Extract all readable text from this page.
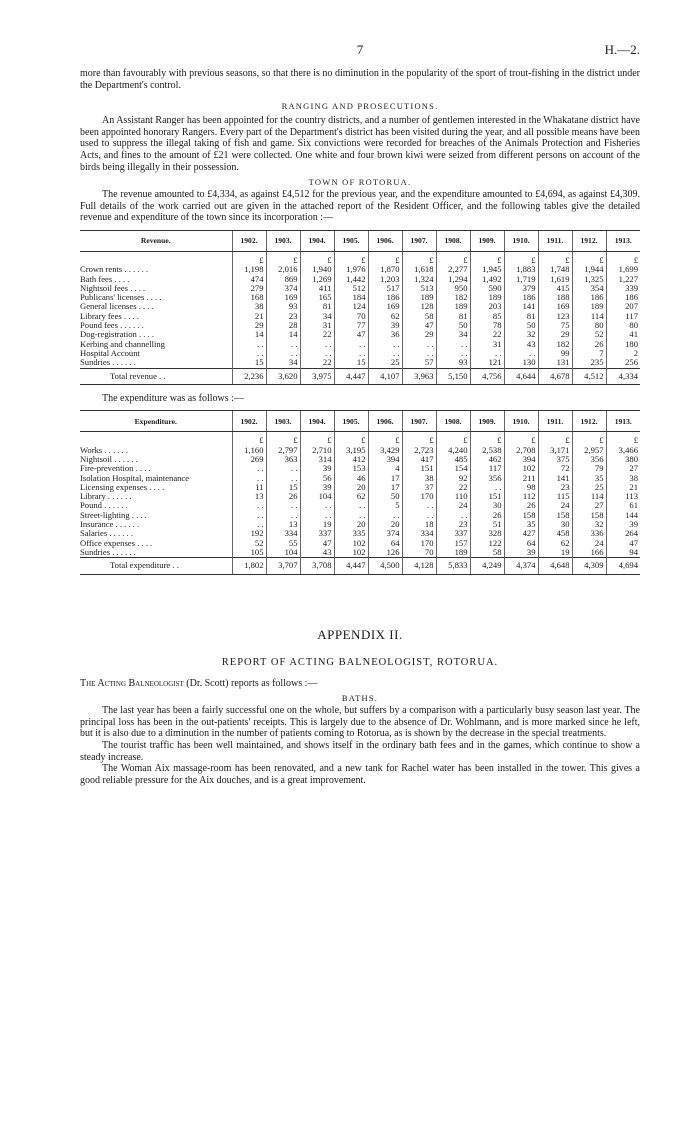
7	H.—2.

more than favourably with previous seasons, so that there is no diminution in the popularity of the sport of trout-fishing in the district under the Department's control.

RANGING AND PROSECUTIONS.

An Assistant Ranger has been appointed for the country districts, and a number of gentlemen interested in the Whakatane district have been appointed honorary Rangers. Every part of the Department's district has been visited during the year, and all possible means have been used to suppress the illegal taking of fish and game. Six convictions were recorded for breaches of the Animals Protection and Fisheries Acts, and fines to the amount of £21 were collected. One white and four brown kiwi were seized from different persons on account of the birds being illegally in their possession.

TOWN OF ROTORUA.

The revenue amounted to £4,334, as against £4,512 for the previous year, and the expenditure amounted to £4,694, as against £4,309. Full details of the work carried out are given in the attached report of the Resident Officer, and the following tables give the detailed revenue and expenditure of the town since its incorporation :—

Revenue.	1902.	1903.	1904.	1905.	1906.	1907.	1908.	1909.	1910.	1911.	1912.	1913.
	£	£	£	£	£	£	£	£	£	£	£	£
Crown rents . . . . . .	1,198	2,016	1,940	1,976	1,870	1,618	2,277	1,945	1,883	1,748	1,944	1,699
Bath fees . . . .	474	869	1,269	1,442	1,203	1,324	1,294	1,492	1,719	1,619	1,325	1,227
Nightsoil fees . . . .	279	374	411	512	517	513	950	590	379	415	354	339
Publicans' licenses . . . .	168	169	165	184	186	189	182	189	186	188	186	186
General licenses . . . .	38	93	81	124	169	128	189	203	141	169	189	207
Library fees . . . .	21	23	34	70	62	58	81	85	81	123	114	117
Pound fees . . . . . .	29	28	31	77	39	47	50	78	50	75	80	80
Dog-registration . . . .	14	14	22	47	36	29	34	22	32	29	52	41
Kerbing and channelling	. .	. .	. .	. .	. .	. .	. .	31	43	182	26	180
Hospital Account	. .	. .	. .	. .	. .	. .	. .	. .	. .	99	7	2
Sundries . . . . . .	15	34	22	15	25	57	93	121	130	131	235	256
Total revenue . .	2,236	3,620	3,975	4,447	4,107	3,963	5,150	4,756	4,644	4,678	4,512	4,334

The expenditure was as follows :—

Expenditure.	1902.	1903.	1904.	1905.	1906.	1907.	1908.	1909.	1910.	1911.	1912.	1913.
	£	£	£	£	£	£	£	£	£	£	£	£
Works . . . . . .	1,160	2,797	2,710	3,195	3,429	2,723	4,240	2,538	2,708	3,171	2,957	3,466
Nightsoil . . . . . .	269	363	314	412	394	417	485	462	394	375	356	380
Fire-prevention . . . .	. .	. .	39	153	4	151	154	117	102	72	79	27
Isolation Hospital, maintenance	. .	. .	56	46	17	38	92	356	211	141	35	38
Licensing expenses . . . .	11	15	39	20	17	37	22	. .	98	23	25	21
Library . . . . . .	13	26	104	62	50	170	110	151	112	115	114	113
Pound . . . . . .	. .	. .	. .	. .	5	. .	24	30	26	24	27	61
Street-lighting . . . .	. .	. .	. .	. .	. .	. .	. .	26	158	158	158	144
Insurance . . . . . .	. .	13	19	20	20	18	23	51	35	30	32	39
Salaries . . . . . .	192	334	337	335	374	334	337	328	427	458	336	264
Office expenses . . . .	52	55	47	102	64	170	157	122	64	62	24	47
Sundries . . . . . .	105	104	43	102	126	70	189	58	39	19	166	94
Total expenditure . .	1,802	3,707	3,708	4,447	4,500	4,128	5,833	4,249	4,374	4,648	4,309	4,694
APPENDIX II.
REPORT OF ACTING BALNEOLOGIST, ROTORUA.

The Acting Balneologist (Dr. Scott) reports as follows :—

BATHS.

The last year has been a fairly successful one on the whole, but suffers by a comparison with a particularly busy season last year. The principal loss has been in the out-patients' receipts. This is largely due to the absence of Dr. Wohlmann, and is more marked since he left, but it is also due to a diminution in the number of patients coming to Rotorua, as is shown by the decrease in the special treatments.

The tourist traffic has been well maintained, and shows itself in the ordinary bath fees and in the games, which continue to show a steady increase.

The Woman Aix massage-room has been renovated, and a new tank for Rachel water has been installed in the tower. This gives a good reliable pressure for the Aix douches, and is a great improvement.
